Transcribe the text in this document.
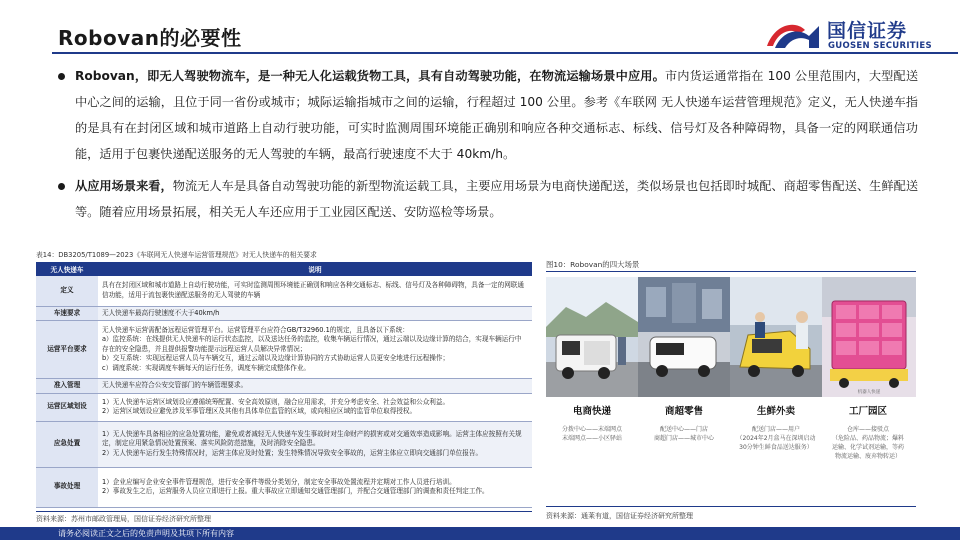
Robovan的必要性	国信证券
GUOSEN SECURITIES
Robovan，即无人驾驶物流车，是一种无人化运载货物工具，具有自动驾驶功能，在物流运输场景中应用。市内货运通常指在 100 公里范围内，大型配送中心之间的运输，且位于同一省份或城市；城际运输指城市之间的运输，行程超过 100 公里。参考《车联网 无人快递车运营管理规范》定义，无人快递车指的是具有在封闭区域和城市道路上自动行驶功能，可实时监测周围环境能正确别和响应各种交通标志、标线、信号灯及各种障碍物，具备一定的网联通信功能，适用于包裹快递配送服务的无人驾驶的车辆，最高行驶速度不大于 40km/h。
从应用场景来看，物流无人车是具备自动驾驶功能的新型物流运载工具，主要应用场景为电商快递配送，类似场景也包括即时城配、商超零售配送、生鲜配送等。随着应用场景拓展，相关无人车还应用于工业园区配送、安防巡检等场景。
表14：DB3205/T1089—2023《车联网无人快递车运营管理规范》对无人快递车的相关要求
无人快递车	说明
定义	具有在封闭区域和城市道路上自动行驶功能，可实时监测周围环境能正确别和响应各种交通标志、标线、信号灯及各种障碍物，具备一定的网联通信功能，适用于流包裹快递配送服务的无人驾驶的车辆
车速要求	无人快递车最高行驶速度不大于40km/h
运营平台要求	无人快递车运营需配备远程运营管理平台。运营管理平台应符合GB/T32960.1的规定，且具备以下系统：
a）监控系统：在线提供无人快递车的运行状态监控，以及送达任务的监控，收集车辆运行情况，通过云端以及边缘计算的结合，实现车辆运行中存在的安全隐患，并且提供报警功能提示远程运营人员解决异常情况；
b）交互系统：实现远程运营人员与车辆交互，通过云端以及边缘计算协同的方式协助运营人员更安全地进行远程操作；
c）调度系统：实现调度车辆每天的运行任务，调度车辆完成整体作业。
准入管理	无人快递车应符合公安交管部门的车辆管理要求。
运营区域划设	1）无人快递车运营区域划设应遵循统筹配置、安全高效原则，融合应用需求，并充分考虑安全、社会效益和公众利益。
2）运营区域划设应避免涉及军事管理区及其他有具体单位监管的区域，或向相应区域的监管单位取得授权。
应急处置	1）无人快递车具备相应的应急处置功能，避免或者减轻无人快递车发生事故时对生命财产的损害或对交通效率造成影响。运营主体应按照有关规定，制定应用紧急情况处置预案、落实风险防范措施，及时消除安全隐患。
2）无人快递车运行发生特殊情况时，运营主体应及时处置；发生特殊情况导致安全事故的，运营主体应立即向交通部门单位报告。
事故处理	1）企业应编写企业安全事件管理规范，进行安全事件等级分类划分，制定安全事故处置流程并定期对工作人员进行培训。
2）事故发生之后，运营服务人员应立即进行上报。重大事故应立即通知交通管理部门，并配合交通管理部门的调查和责任判定工作。
资料来源：苏州市邮政管理局，国信证券经济研究所整理
图10：Robovan的四大场景
机器人快递
电商快递
分拨中心——末端网点
末端网点——小区驿站
商超零售
配送中心——门店
商超门店——城市中心
生鲜外卖
配送门店——用户
（2024年2月盒马在深圳启动
30分钟生鲜食品送达服务）
工厂园区
仓库——接驳点
（危险品、药品物流；爆料
运输、化学试剂运输，等药
物流运输、废弃物转运）
资料来源：通莱有道，国信证券经济研究所整理
请务必阅读正文之后的免责声明及其项下所有内容
